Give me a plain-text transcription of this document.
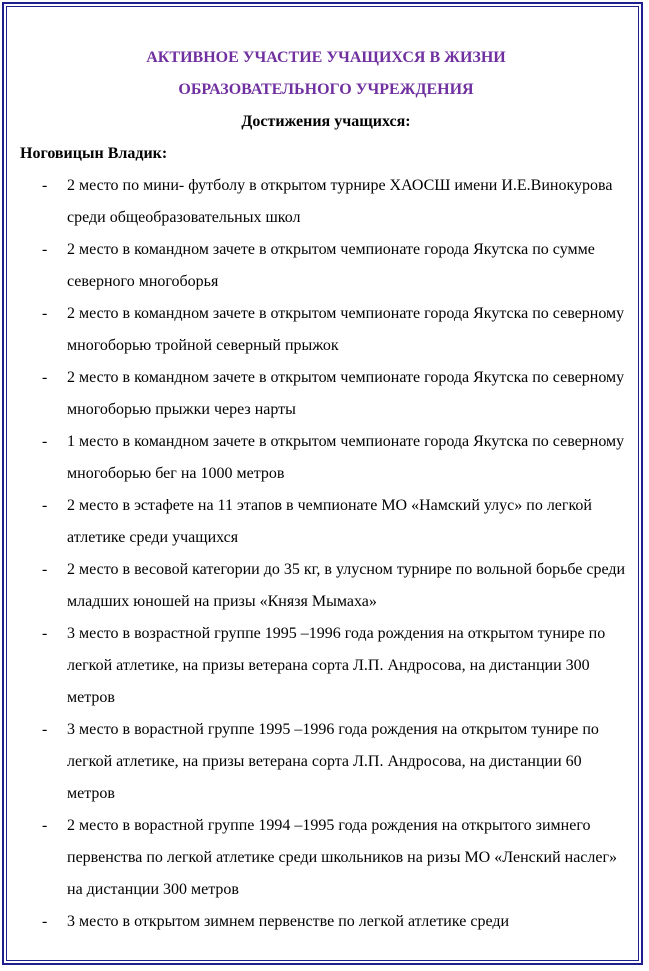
АКТИВНОЕ УЧАСТИЕ УЧАЩИХСЯ В ЖИЗНИ
ОБРАЗОВАТЕЛЬНОГО УЧРЕЖДЕНИЯ
Достижения учащихся:
Ноговицын Владик:
- 2 место по мини- футболу в открытом турнире ХАОСШ имени И.Е.Винокурова среди общеобразовательных школ
- 2 место в командном зачете в открытом чемпионате города Якутска по сумме северного многоборья
- 2 место в командном зачете в открытом чемпионате города Якутска по северному многоборью тройной северный прыжок
- 2 место в командном зачете в открытом чемпионате города Якутска по северному многоборью прыжки через нарты
- 1 место в командном зачете в открытом чемпионате города Якутска по северному многоборью бег на 1000 метров
- 2 место в эстафете на 11 этапов в чемпионате МО «Намский улус» по легкой атлетике среди учащихся
- 2 место в весовой категории до 35 кг, в улусном турнире по вольной борьбе среди младших юношей на призы «Князя Мымаха»
- 3 место в возрастной группе 1995 –1996 года рождения на открытом тунире по легкой атлетике, на призы ветерана сорта Л.П. Андросова, на дистанции 300 метров
- 3 место в ворастной группе 1995 –1996 года рождения на открытом тунире по легкой атлетике, на призы ветерана сорта Л.П. Андросова, на дистанции 60 метров
- 2 место в ворастной группе 1994 –1995 года рождения на открытого зимнего первенства по легкой атлетике среди школьников на ризы МО «Ленский наслег» на дистанции 300 метров
- 3 место в открытом зимнем первенстве по легкой атлетике среди
